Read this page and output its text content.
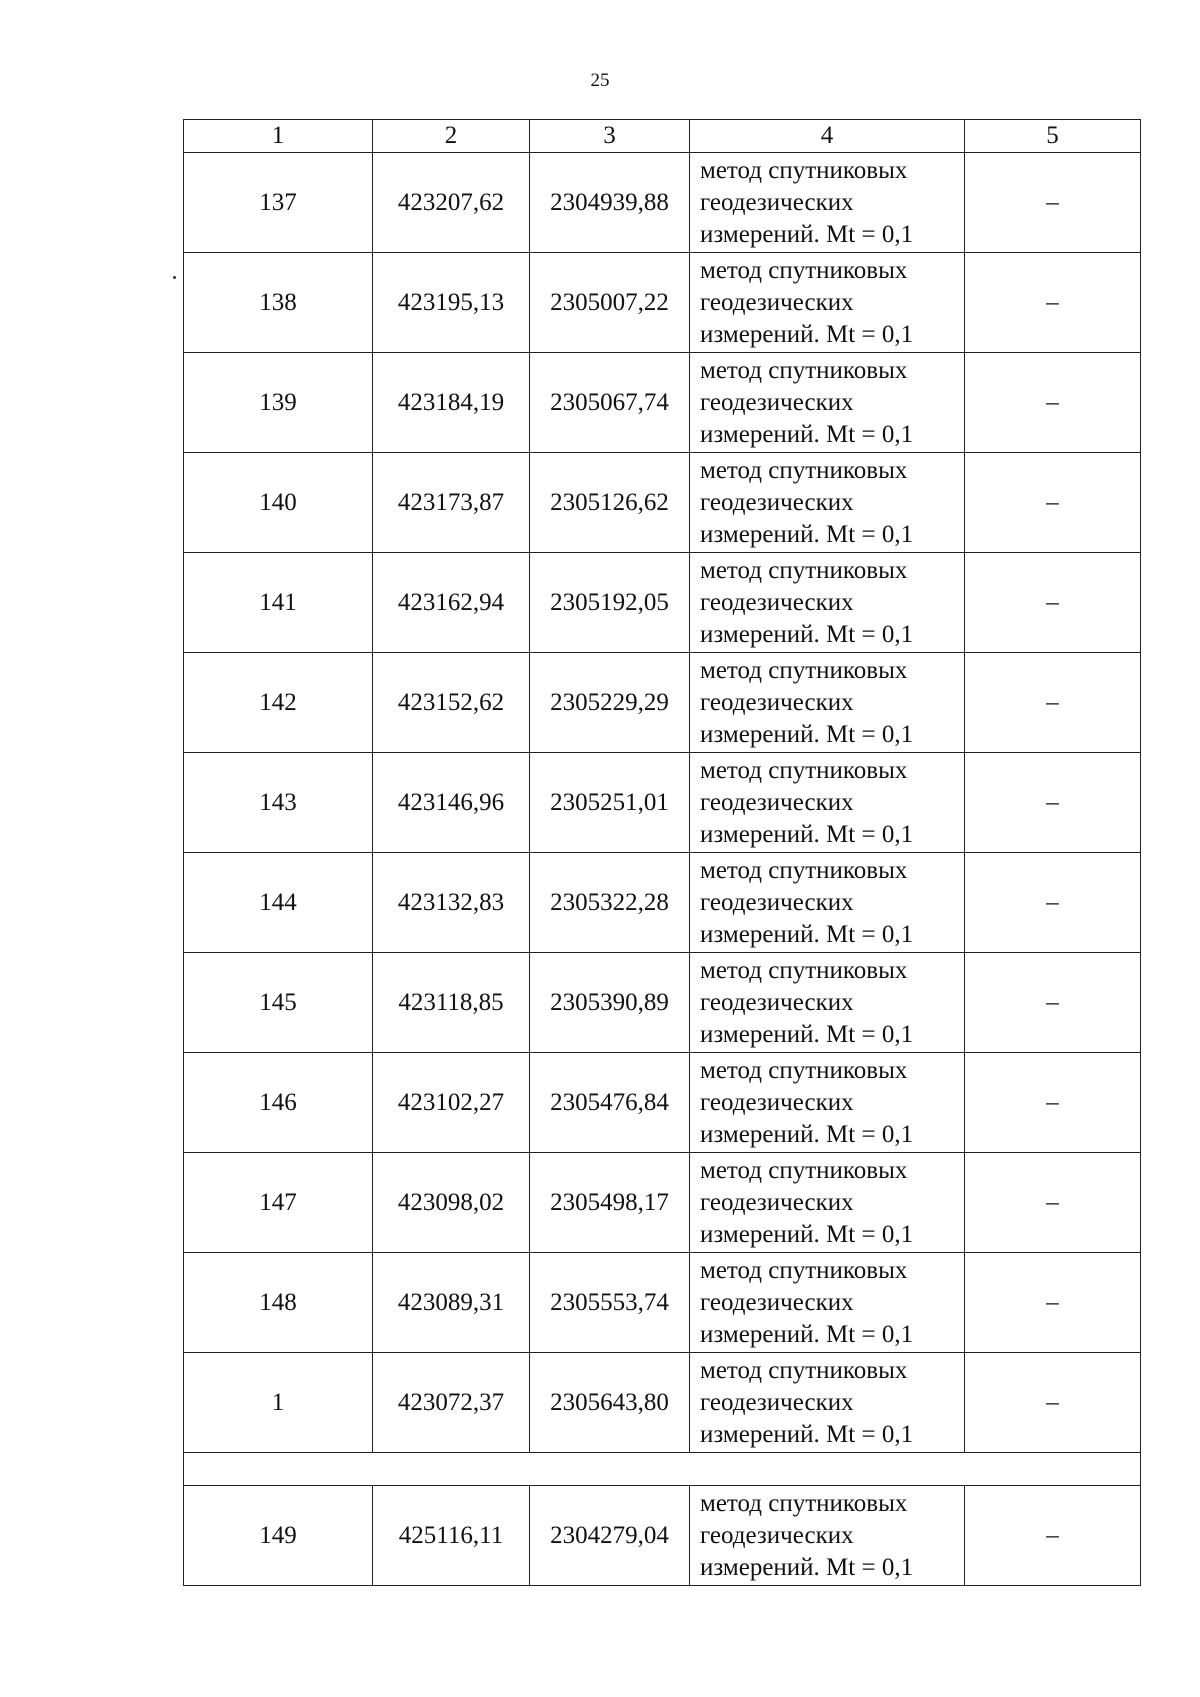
25
1	2	3	4	5
137	423207,62	2304939,88	метод спутниковых
геодезических
измерений. Mt = 0,1	–
138	423195,13	2305007,22	метод спутниковых
геодезических
измерений. Mt = 0,1	–
139	423184,19	2305067,74	метод спутниковых
геодезических
измерений. Mt = 0,1	–
140	423173,87	2305126,62	метод спутниковых
геодезических
измерений. Mt = 0,1	–
141	423162,94	2305192,05	метод спутниковых
геодезических
измерений. Mt = 0,1	–
142	423152,62	2305229,29	метод спутниковых
геодезических
измерений. Mt = 0,1	–
143	423146,96	2305251,01	метод спутниковых
геодезических
измерений. Mt = 0,1	–
144	423132,83	2305322,28	метод спутниковых
геодезических
измерений. Mt = 0,1	–
145	423118,85	2305390,89	метод спутниковых
геодезических
измерений. Mt = 0,1	–
146	423102,27	2305476,84	метод спутниковых
геодезических
измерений. Mt = 0,1	–
147	423098,02	2305498,17	метод спутниковых
геодезических
измерений. Mt = 0,1	–
148	423089,31	2305553,74	метод спутниковых
геодезических
измерений. Mt = 0,1	–
1	423072,37	2305643,80	метод спутниковых
геодезических
измерений. Mt = 0,1	–

149	425116,11	2304279,04	метод спутниковых
геодезических
измерений. Mt = 0,1	–
